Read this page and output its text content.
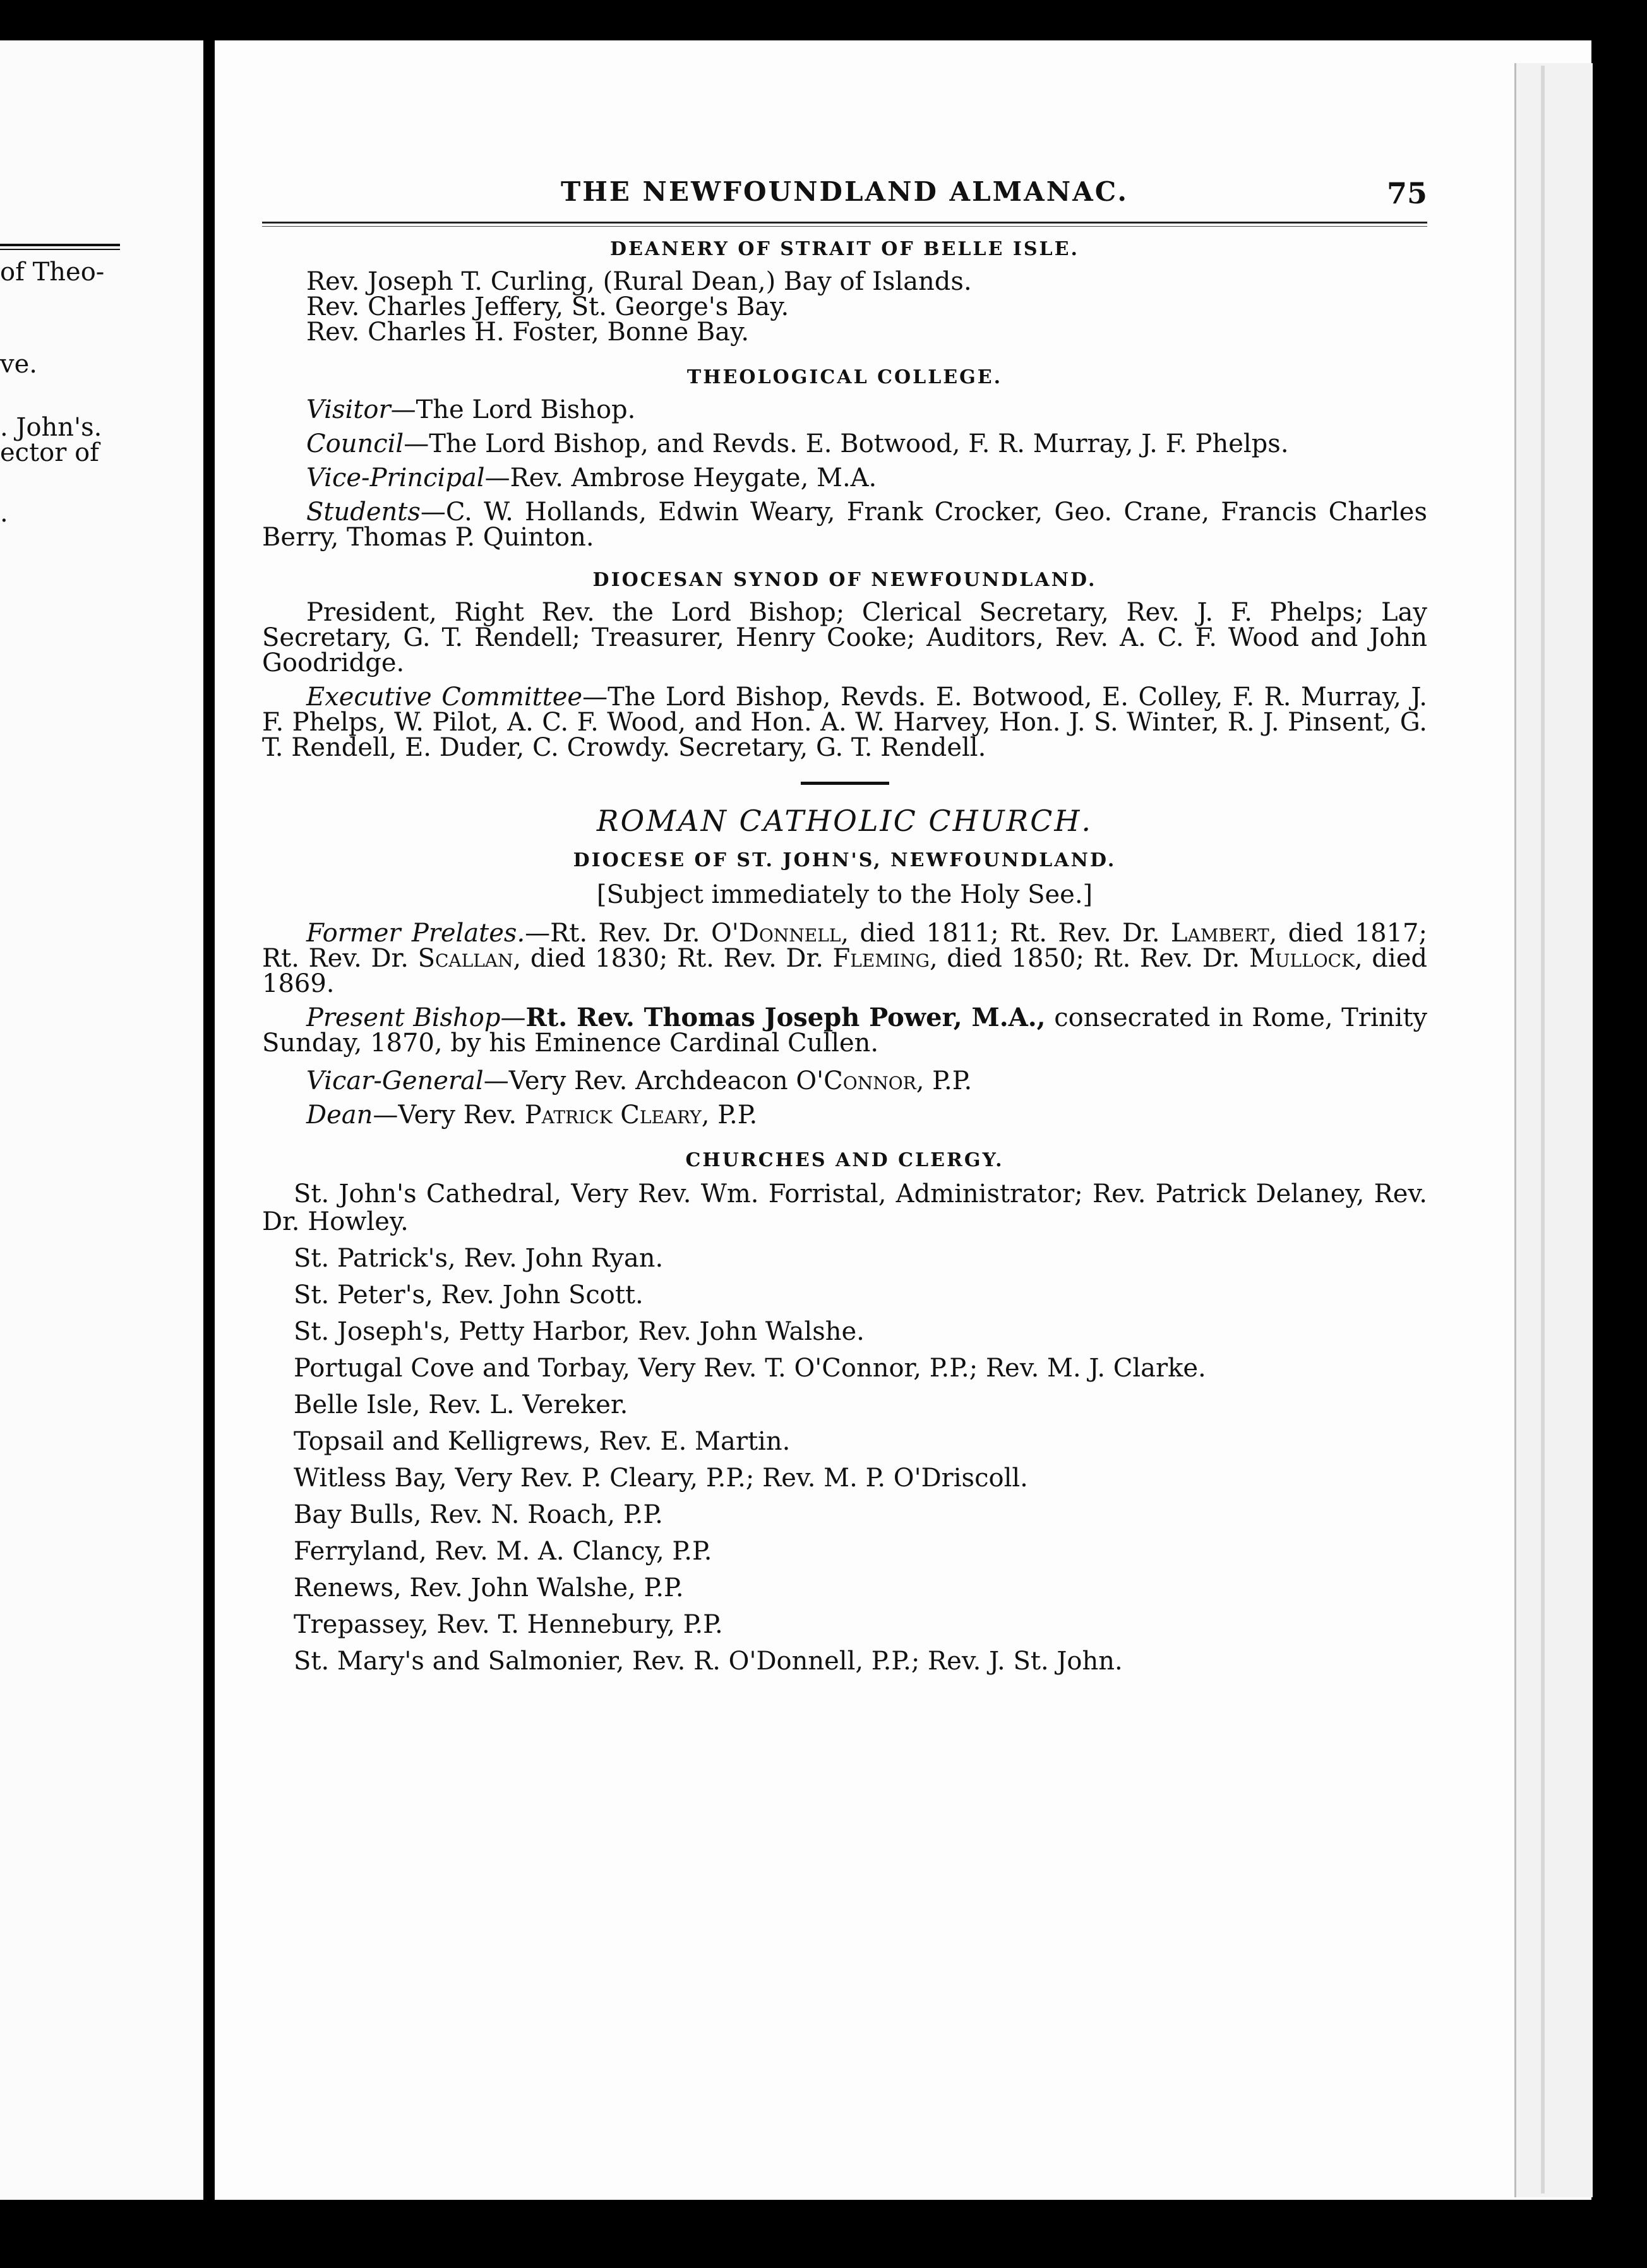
of Theo-
ve.
. John's.
ector of
.
THE NEWFOUNDLAND ALMANAC.	75
DEANERY OF STRAIT OF BELLE ISLE.
Rev. Joseph T. Curling, (Rural Dean,) Bay of Islands.
Rev. Charles Jeffery, St. George's Bay.
Rev. Charles H. Foster, Bonne Bay.
THEOLOGICAL COLLEGE.
Visitor—The Lord Bishop.
Council—The Lord Bishop, and Revds. E. Botwood, F. R. Murray, J. F. Phelps.
Vice-Principal—Rev. Ambrose Heygate, M.A.
Students—C. W. Hollands, Edwin Weary, Frank Crocker, Geo. Crane, Francis Charles Berry, Thomas P. Quinton.
DIOCESAN SYNOD OF NEWFOUNDLAND.
President, Right Rev. the Lord Bishop; Clerical Secretary, Rev. J. F. Phelps; Lay Secretary, G. T. Rendell; Treasurer, Henry Cooke; Auditors, Rev. A. C. F. Wood and John Goodridge.
Executive Committee—The Lord Bishop, Revds. E. Botwood, E. Colley, F. R. Murray, J. F. Phelps, W. Pilot, A. C. F. Wood, and Hon. A. W. Harvey, Hon. J. S. Winter, R. J. Pinsent, G. T. Rendell, E. Duder, C. Crowdy. Secretary, G. T. Rendell.
ROMAN CATHOLIC CHURCH.
DIOCESE OF ST. JOHN'S, NEWFOUNDLAND.
[Subject immediately to the Holy See.]
Former Prelates.—Rt. Rev. Dr. O'Donnell, died 1811; Rt. Rev. Dr. Lambert, died 1817; Rt. Rev. Dr. Scallan, died 1830; Rt. Rev. Dr. Fleming, died 1850; Rt. Rev. Dr. Mullock, died 1869.
Present Bishop—Rt. Rev. Thomas Joseph Power, M.A., consecrated in Rome, Trinity Sunday, 1870, by his Eminence Cardinal Cullen.
Vicar-General—Very Rev. Archdeacon O'Connor, P.P.
Dean—Very Rev. Patrick Cleary, P.P.
CHURCHES AND CLERGY.
St. John's Cathedral, Very Rev. Wm. Forristal, Administrator; Rev. Patrick Delaney, Rev. Dr. Howley.
St. Patrick's, Rev. John Ryan.
St. Peter's, Rev. John Scott.
St. Joseph's, Petty Harbor, Rev. John Walshe.
Portugal Cove and Torbay, Very Rev. T. O'Connor, P.P.; Rev. M. J. Clarke.
Belle Isle, Rev. L. Vereker.
Topsail and Kelligrews, Rev. E. Martin.
Witless Bay, Very Rev. P. Cleary, P.P.; Rev. M. P. O'Driscoll.
Bay Bulls, Rev. N. Roach, P.P.
Ferryland, Rev. M. A. Clancy, P.P.
Renews, Rev. John Walshe, P.P.
Trepassey, Rev. T. Hennebury, P.P.
St. Mary's and Salmonier, Rev. R. O'Donnell, P.P.; Rev. J. St. John.
